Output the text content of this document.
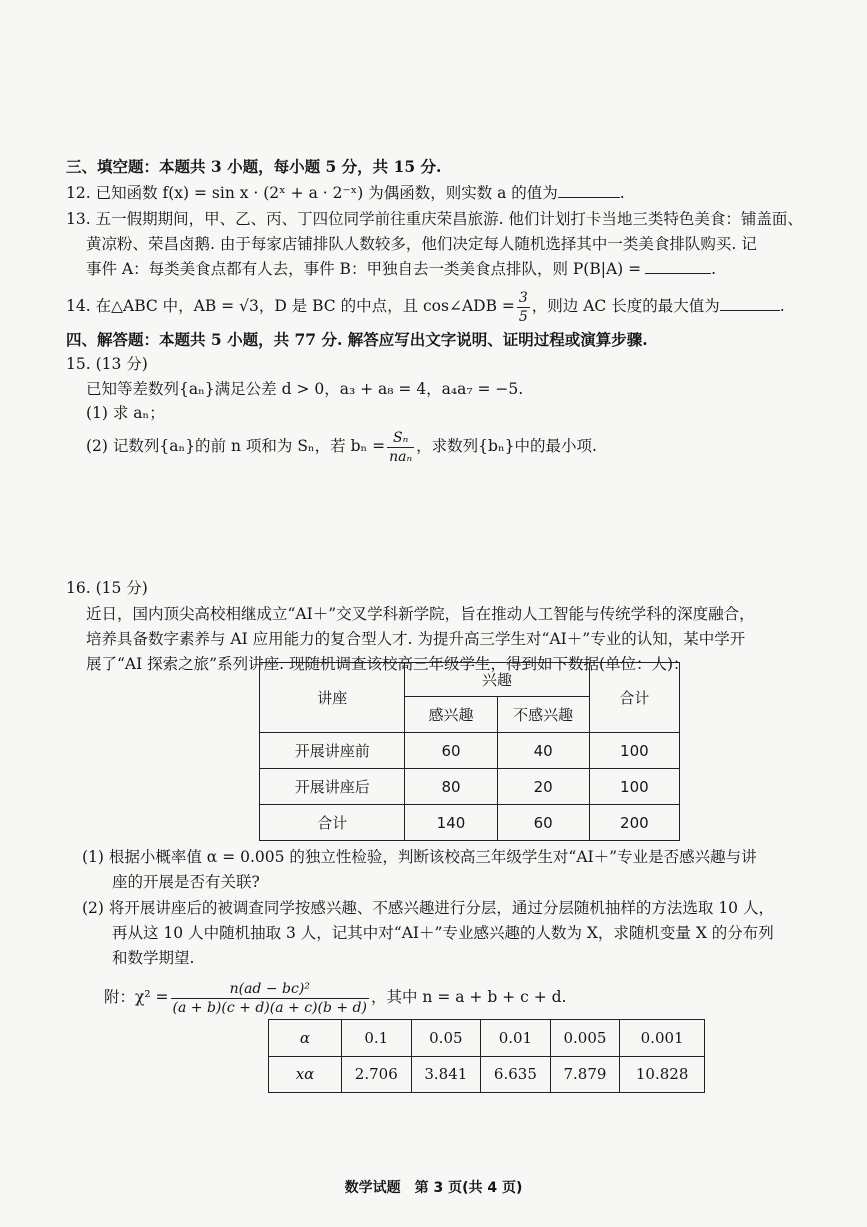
三、填空题：本题共 3 小题，每小题 5 分，共 15 分.
12. 已知函数 f(x) = sin x · (2ˣ + a · 2⁻ˣ) 为偶函数，则实数 a 的值为	.
13. 五一假期期间，甲、乙、丙、丁四位同学前往重庆荣昌旅游. 他们计划打卡当地三类特色美食：铺盖面、
黄凉粉、荣昌卤鹅. 由于每家店铺排队人数较多，他们决定每人随机选择其中一类美食排队购买. 记
事件 A：每类美食点都有人去，事件 B：甲独自去一类美食点排队，则 P(B|A) =	.
14. 在△ABC 中，AB = √3，D 是 BC 的中点，且 cos∠ADB = $\frac{3}{5}$ ，则边 AC 长度的最大值为	.
四、解答题：本题共 5 小题，共 77 分. 解答应写出文字说明、证明过程或演算步骤.
15. (13 分)
已知等差数列{aₙ}满足公差 d > 0，a₃ + a₈ = 4，a₄a₇ = −5.
(1) 求 aₙ；
(2) 记数列{aₙ}的前 n 项和为 Sₙ，若 $b_n = \frac{\text{Sₙ}}{\text{naₙ}}$ ，求数列{bₙ}中的最小项.
16. (15 分)
近日，国内顶尖高校相继成立“AI＋”交叉学科新学院，旨在推动人工智能与传统学科的深度融合，
培养具备数字素养与 AI 应用能力的复合型人才. 为提升高三学生对“AI＋”专业的认知，某中学开
展了“AI 探索之旅”系列讲座. 现随机调查该校高三年级学生，得到如下数据(单位：人)：
讲座	兴趣		合计
	感兴趣	不感兴趣	
开展讲座前	60	40	100
开展讲座后	80	20	100
合计	140	60	200
(1) 根据小概率值 α = 0.005 的独立性检验，判断该校高三年级学生对“AI＋”专业是否感兴趣与讲
座的开展是否有关联?
(2) 将开展讲座后的被调查同学按感兴趣、不感兴趣进行分层，通过分层随机抽样的方法选取 10 人，
再从这 10 人中随机抽取 3 人，记其中对“AI＋”专业感兴趣的人数为 X，求随机变量 X 的分布列
和数学期望.
附：$\chi^2 = \frac{\text{n(ad − bc)²}}{(a + b)(c + d)(a + c)(b + d)}$ ，其中 n = a + b + c + d.
α	0.1	0.05	0.01	0.005	0.001
xα	2.706	3.841	6.635	7.879	10.828
数学试题　第 3 页(共 4 页)
